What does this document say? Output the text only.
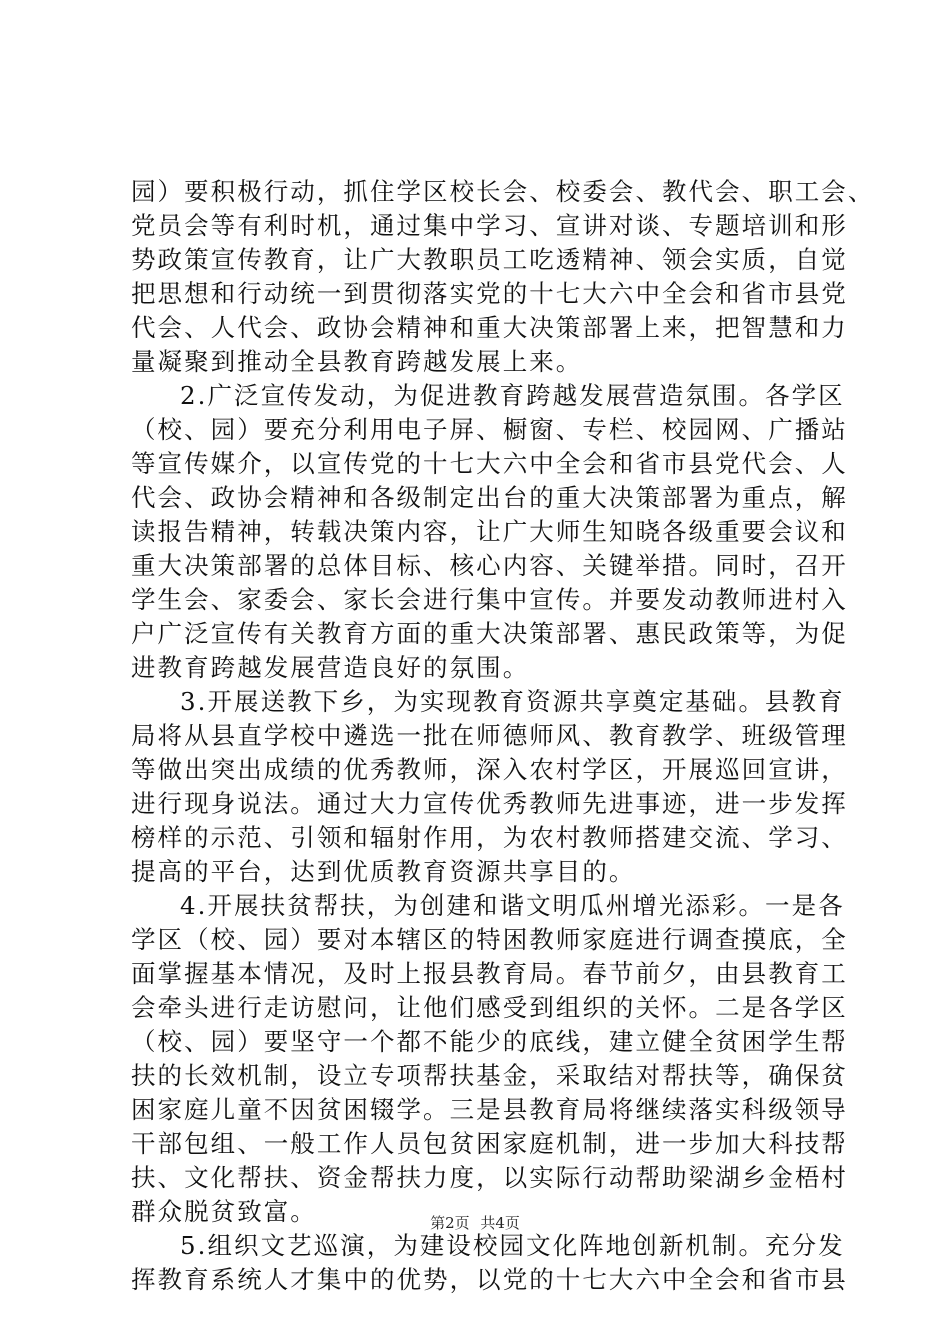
园）要积极行动，抓住学区校长会、校委会、教代会、职工会、
党员会等有利时机，通过集中学习、宣讲对谈、专题培训和形
势政策宣传教育，让广大教职员工吃透精神、领会实质，自觉
把思想和行动统一到贯彻落实党的十七大六中全会和省市县党
代会、人代会、政协会精神和重大决策部署上来，把智慧和力
量凝聚到推动全县教育跨越发展上来。
2.广泛宣传发动，为促进教育跨越发展营造氛围。各学区
（校、园）要充分利用电子屏、橱窗、专栏、校园网、广播站
等宣传媒介，以宣传党的十七大六中全会和省市县党代会、人
代会、政协会精神和各级制定出台的重大决策部署为重点，解
读报告精神，转载决策内容，让广大师生知晓各级重要会议和
重大决策部署的总体目标、核心内容、关键举措。同时，召开
学生会、家委会、家长会进行集中宣传。并要发动教师进村入
户广泛宣传有关教育方面的重大决策部署、惠民政策等，为促
进教育跨越发展营造良好的氛围。
3.开展送教下乡，为实现教育资源共享奠定基础。县教育
局将从县直学校中遴选一批在师德师风、教育教学、班级管理
等做出突出成绩的优秀教师，深入农村学区，开展巡回宣讲，
进行现身说法。通过大力宣传优秀教师先进事迹，进一步发挥
榜样的示范、引领和辐射作用，为农村教师搭建交流、学习、
提高的平台，达到优质教育资源共享目的。
4.开展扶贫帮扶，为创建和谐文明瓜州增光添彩。一是各
学区（校、园）要对本辖区的特困教师家庭进行调查摸底，全
面掌握基本情况，及时上报县教育局。春节前夕，由县教育工
会牵头进行走访慰问，让他们感受到组织的关怀。二是各学区
（校、园）要坚守一个都不能少的底线，建立健全贫困学生帮
扶的长效机制，设立专项帮扶基金，采取结对帮扶等，确保贫
困家庭儿童不因贫困辍学。三是县教育局将继续落实科级领导
干部包组、一般工作人员包贫困家庭机制，进一步加大科技帮
扶、文化帮扶、资金帮扶力度，以实际行动帮助梁湖乡金梧村
群众脱贫致富。
5.组织文艺巡演，为建设校园文化阵地创新机制。充分发
挥教育系统人才集中的优势，以党的十七大六中全会和省市县
第2页 共4页
